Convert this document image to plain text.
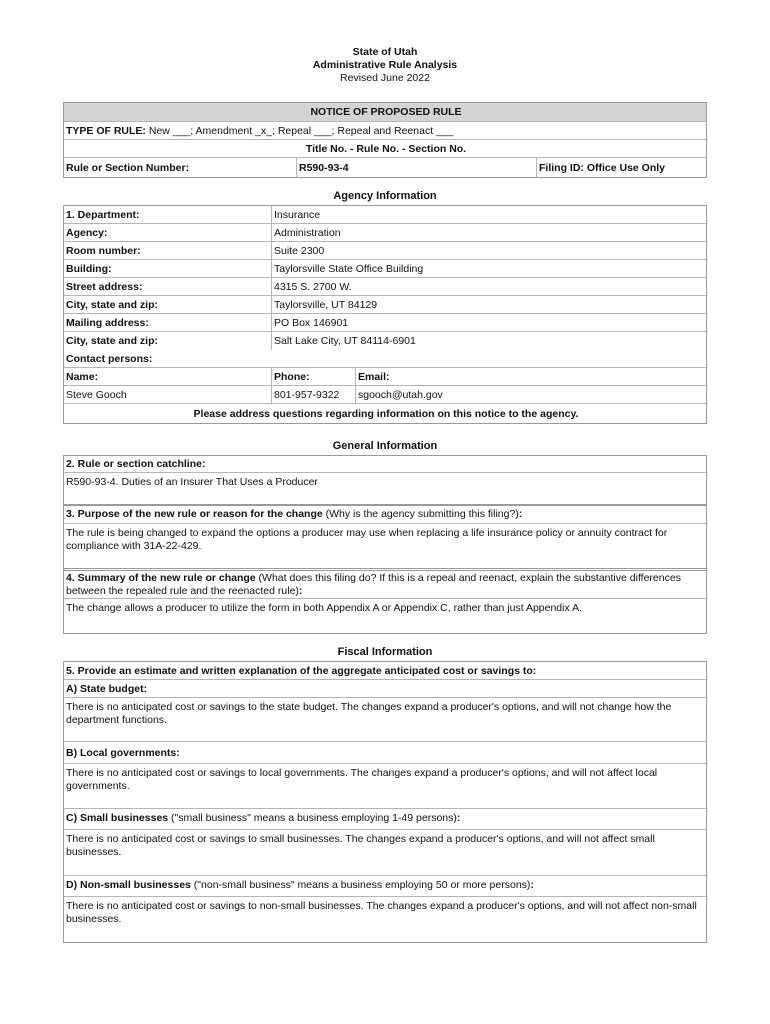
State of Utah
Administrative Rule Analysis
Revised June 2022
NOTICE OF PROPOSED RULE
TYPE OF RULE:
New ___; Amendment _x_; Repeal ___; Repeal and Reenact ___
Title No. - Rule No. - Section No.
Rule or Section Number:	R590-93-4	Filing ID: Office Use Only
Agency Information
1. Department:	Insurance
Agency:	Administration
Room number:	Suite 2300
Building:	Taylorsville State Office Building
Street address:	4315 S. 2700 W.
City, state and zip:	Taylorsville, UT 84129
Mailing address:	PO Box 146901
City, state and zip:	Salt Lake City, UT 84114-6901
Contact persons:
Name:	Phone:	Email:
Steve Gooch	801-957-9322	sgooch@utah.gov
Please address questions regarding information on this notice to the agency.
General Information
2. Rule or section catchline:
R590-93-4. Duties of an Insurer That Uses a Producer
3. Purpose of the new rule or reason for the change (Why is the agency submitting this filing?):
The rule is being changed to expand the options a producer may use when replacing a life insurance policy or annuity contract for compliance with 31A-22-429.
4. Summary of the new rule or change (What does this filing do? If this is a repeal and reenact, explain the substantive differences between the repealed rule and the reenacted rule):
The change allows a producer to utilize the form in both Appendix A or Appendix C, rather than just Appendix A.
Fiscal Information
5. Provide an estimate and written explanation of the aggregate anticipated cost or savings to:
A) State budget:
There is no anticipated cost or savings to the state budget. The changes expand a producer's options, and will not change how the department functions.
B) Local governments:
There is no anticipated cost or savings to local governments. The changes expand a producer's options, and will not affect local governments.
C) Small businesses ("small business" means a business employing 1-49 persons):
There is no anticipated cost or savings to small businesses. The changes expand a producer's options, and will not affect small businesses.
D) Non-small businesses ("non-small business" means a business employing 50 or more persons):
There is no anticipated cost or savings to non-small businesses. The changes expand a producer's options, and will not affect non-small businesses.
